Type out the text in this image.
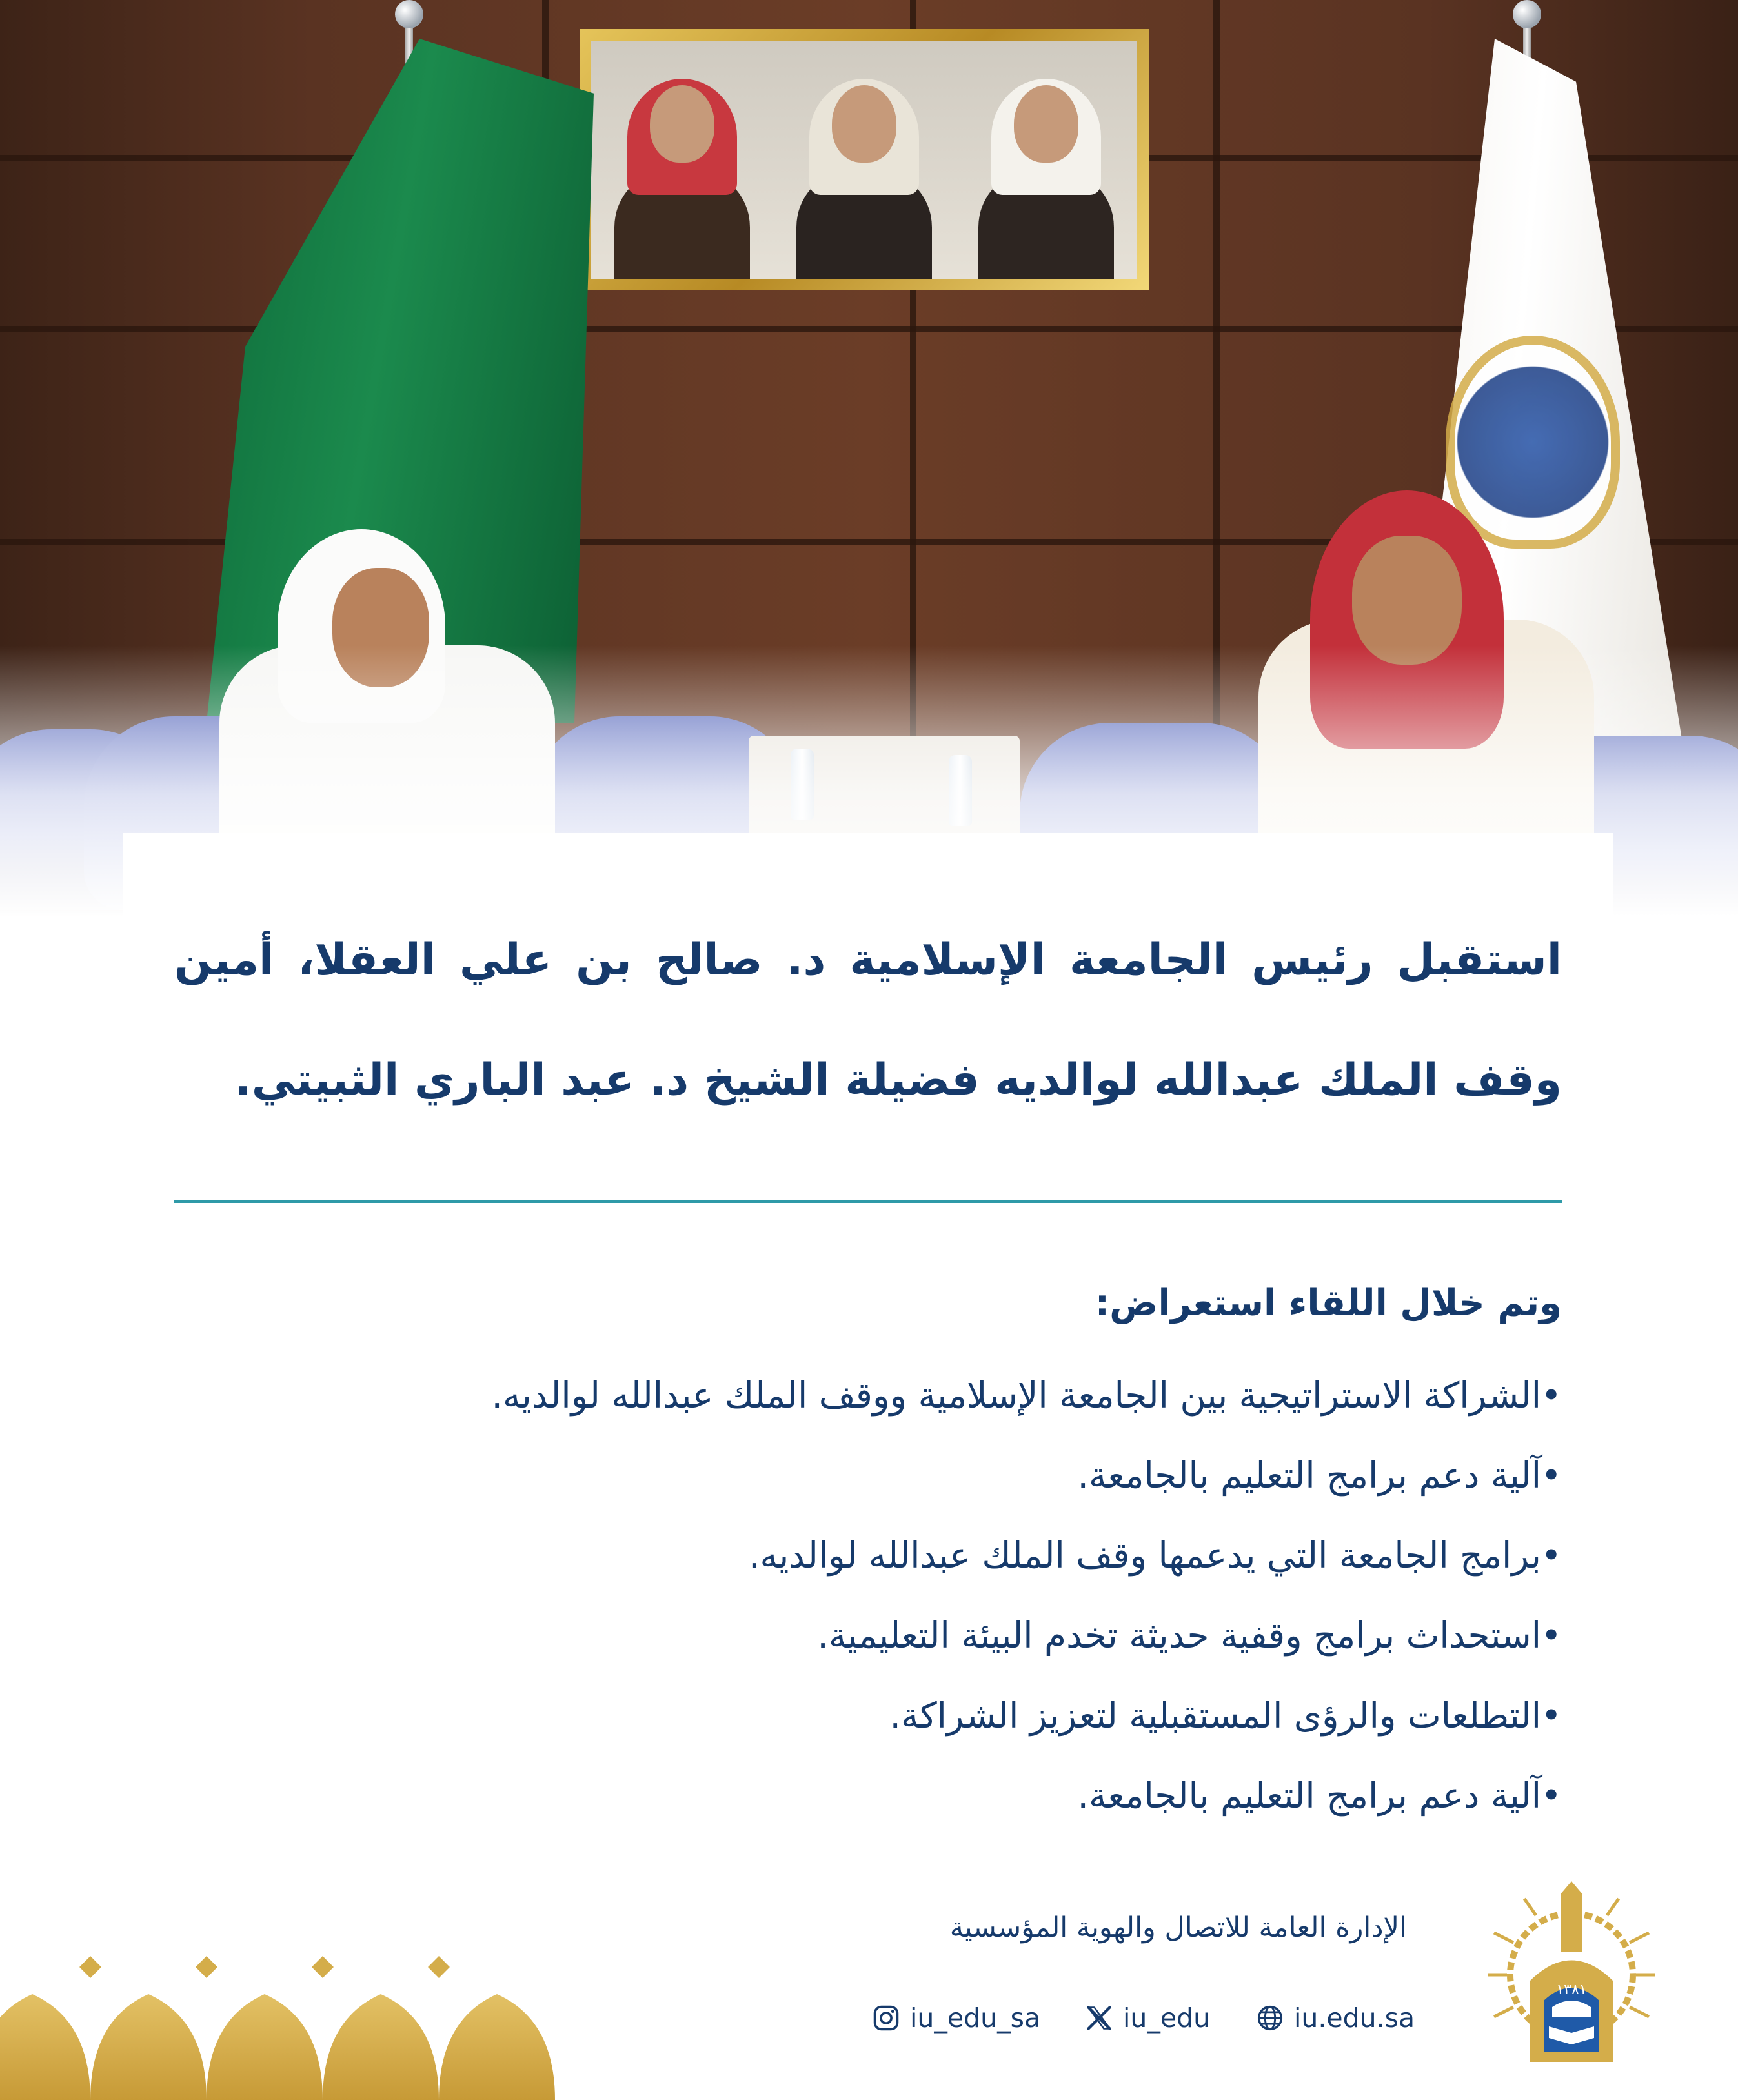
استقبل رئيس الجامعة الإسلامية د. صالح بن علي العقلا، أمين وقف الملك عبدالله لوالديه فضيلة الشيخ د. عبد الباري الثبيتي.

وتم خلال اللقاء استعراض:

•
الشراكة الاستراتيجية بين الجامعة الإسلامية ووقف الملك عبدالله لوالديه.
•
آلية دعم برامج التعليم بالجامعة.
•
برامج الجامعة التي يدعمها وقف الملك عبدالله لوالديه.
•
استحداث برامج وقفية حديثة تخدم البيئة التعليمية.
•
التطلعات والرؤى المستقبلية لتعزيز الشراكة.
•
آلية دعم برامج التعليم بالجامعة.
الإدارة العامة للاتصال والهوية المؤسسية
iu_edu_sa	iu_edu	iu.edu.sa
١٣٨١
